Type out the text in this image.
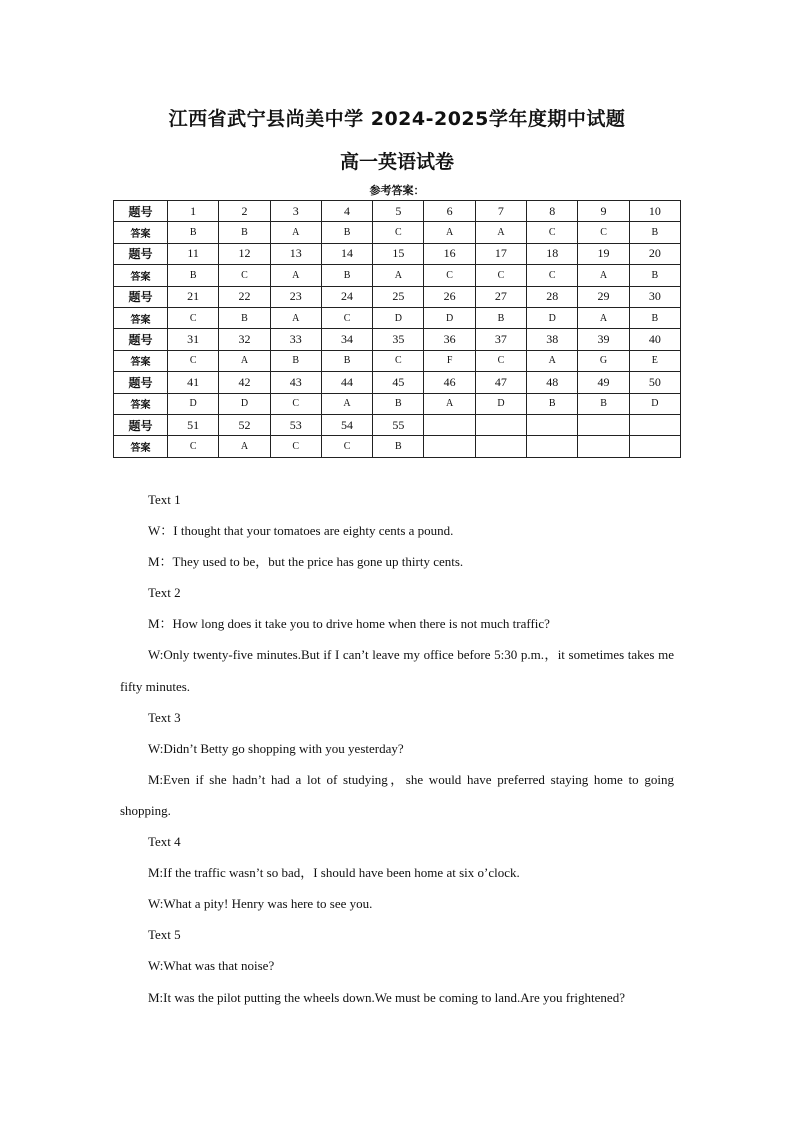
江西省武宁县尚美中学 2024-2025学年度期中试题
高一英语试卷
参考答案：
题号	1	2	3	4	5	6	7	8	9	10
答案	B	B	A	B	C	A	A	C	C	B
题号	11	12	13	14	15	16	17	18	19	20
答案	B	C	A	B	A	C	C	C	A	B
题号	21	22	23	24	25	26	27	28	29	30
答案	C	B	A	C	D	D	B	D	A	B
题号	31	32	33	34	35	36	37	38	39	40
答案	C	A	B	B	C	F	C	A	G	E
题号	41	42	43	44	45	46	47	48	49	50
答案	D	D	C	A	B	A	D	B	B	D
题号	51	52	53	54	55					
答案	C	A	C	C	B					

Text 1

W：I thought that your tomatoes are eighty cents a pound.

M：They used to be，but the price has gone up thirty cents.

Text 2

M：How long does it take you to drive home when there is not much traffic?

W:Only twenty-five minutes.But if I can’t leave my office before 5:30 p.m.，it sometimes takes me fifty minutes.

Text 3

W:Didn’t Betty go shopping with you yesterday?

M:Even if she hadn’t had a lot of studying，she would have preferred staying home to going shopping.

Text 4

M:If the traffic wasn’t so bad，I should have been home at six o’clock.

W:What a pity! Henry was here to see you.

Text 5

W:What was that noise?

M:It was the pilot putting the wheels down.We must be coming to land.Are you frightened?
